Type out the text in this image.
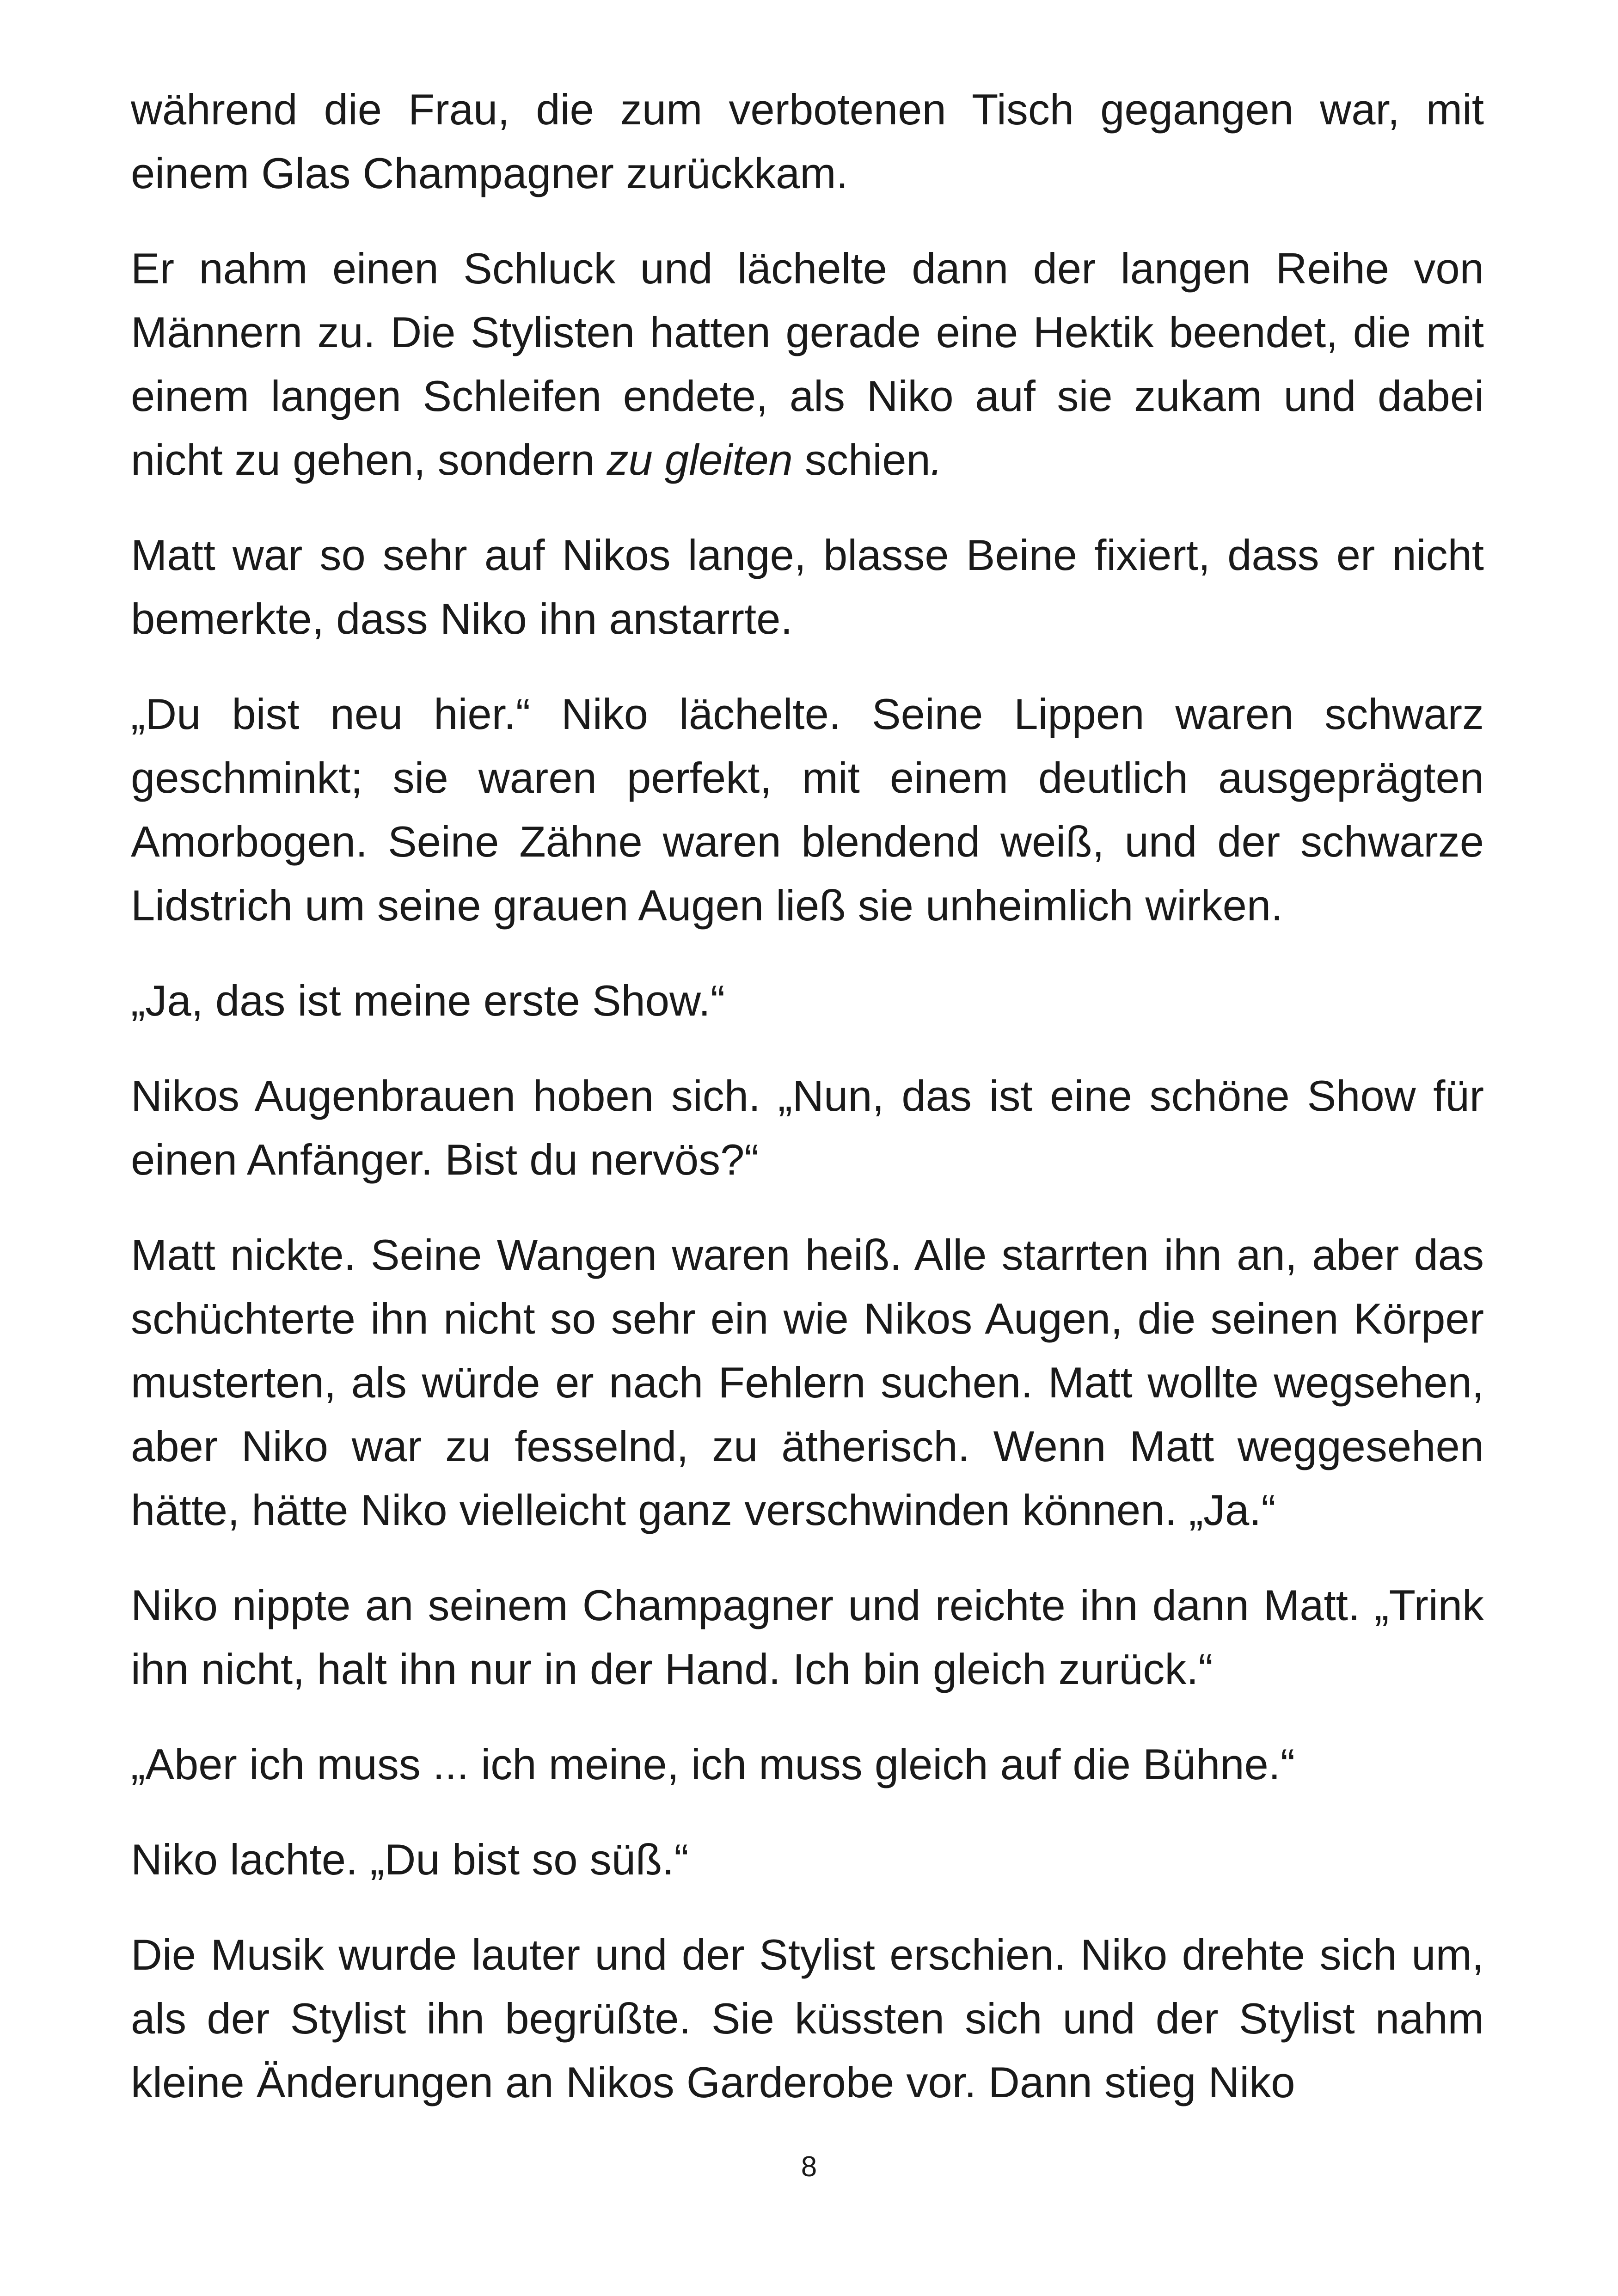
während die Frau, die zum verbotenen Tisch gegangen war, mit einem Glas Champagner zurückkam.

Er nahm einen Schluck und lächelte dann der langen Reihe von Männern zu. Die Stylisten hatten gerade eine Hektik beendet, die mit einem langen Schleifen endete, als Niko auf sie zukam und dabei nicht zu gehen, sondern zu gleiten schien.

Matt war so sehr auf Nikos lange, blasse Beine fixiert, dass er nicht bemerkte, dass Niko ihn anstarrte.

„Du bist neu hier.“ Niko lächelte. Seine Lippen waren schwarz geschminkt; sie waren perfekt, mit einem deutlich ausgeprägten Amorbogen. Seine Zähne waren blendend weiß, und der schwarze Lidstrich um seine grauen Augen ließ sie unheimlich wirken.

„Ja, das ist meine erste Show.“

Nikos Augenbrauen hoben sich. „Nun, das ist eine schöne Show für einen Anfänger. Bist du nervös?“

Matt nickte. Seine Wangen waren heiß. Alle starrten ihn an, aber das schüchterte ihn nicht so sehr ein wie Nikos Augen, die seinen Körper musterten, als würde er nach Fehlern suchen. Matt wollte wegsehen, aber Niko war zu fesselnd, zu ätherisch. Wenn Matt weggesehen hätte, hätte Niko vielleicht ganz verschwinden können. „Ja.“

Niko nippte an seinem Champagner und reichte ihn dann Matt. „Trink ihn nicht, halt ihn nur in der Hand. Ich bin gleich zurück.“

„Aber ich muss ... ich meine, ich muss gleich auf die Bühne.“

Niko lachte. „Du bist so süß.“

Die Musik wurde lauter und der Stylist erschien. Niko drehte sich um, als der Stylist ihn begrüßte. Sie küssten sich und der Stylist nahm kleine Änderungen an Nikos Garderobe vor. Dann stieg Niko

8
